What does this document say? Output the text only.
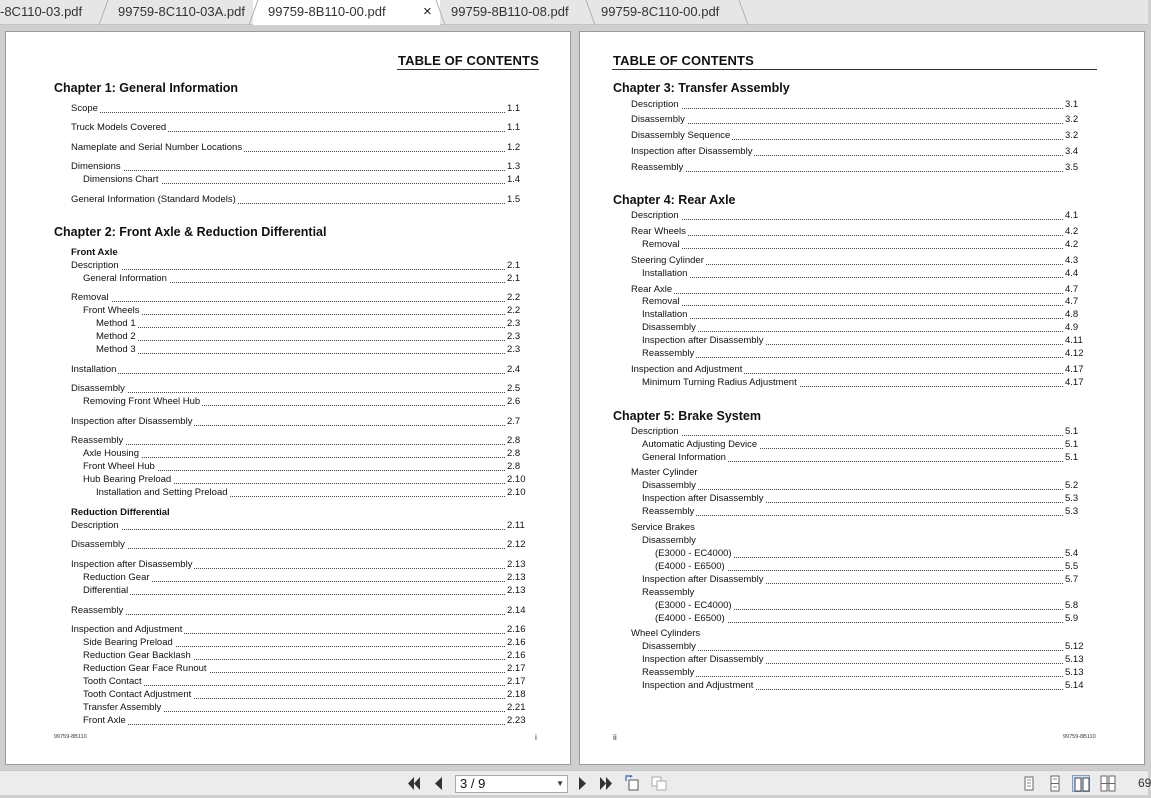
-8C110-03.pdf	99759-8C110-03A.pdf 99759-8B110-00.pdf × 99759-8B110-08.pdf 99759-8C110-00.pdf
TABLE OF CONTENTS
99759-8B110	i
Chapter 1: General Information
Scope	1.1
Truck Models Covered	1.1
Nameplate and Serial Number Locations	1.2
Dimensions	1.3
Dimensions Chart	1.4
General Information (Standard Models)	1.5
Chapter 2: Front Axle & Reduction Differential
Front Axle
Description	2.1
General Information	2.1
Removal	2.2
Front Wheels	2.2
Method 1	2.3
Method 2	2.3
Method 3	2.3
Installation	2.4
Disassembly	2.5
Removing Front Wheel Hub	2.6
Inspection after Disassembly	2.7
Reassembly	2.8
Axle Housing	2.8
Front Wheel Hub	2.8
Hub Bearing Preload	2.10
Installation and Setting Preload	2.10
Reduction Differential
Description	2.11
Disassembly	2.12
Inspection after Disassembly	2.13
Reduction Gear	2.13
Differential	2.13
Reassembly	2.14
Inspection and Adjustment	2.16
Side Bearing Preload	2.16
Reduction Gear Backlash	2.16
Reduction Gear Face Runout	2.17
Tooth Contact	2.17
Tooth Contact Adjustment	2.18
Transfer Assembly	2.21
Front Axle	2.23
TABLE OF CONTENTS
99759-8B110
ii
Chapter 3: Transfer Assembly
Description	3.1
Disassembly	3.2
Disassembly Sequence	3.2
Inspection after Disassembly	3.4
Reassembly	3.5
Chapter 4: Rear Axle
Description	4.1
Rear Wheels	4.2
Removal	4.2
Steering Cylinder	4.3
Installation	4.4
Rear Axle	4.7
Removal	4.7
Installation	4.8
Disassembly	4.9
Inspection after Disassembly	4.11
Reassembly	4.12
Inspection and Adjustment	4.17
Minimum Turning Radius Adjustment	4.17
Chapter 5: Brake System
Description	5.1
Automatic Adjusting Device	5.1
General Information	5.1
Master Cylinder
Disassembly	5.2
Inspection after Disassembly	5.3
Reassembly	5.3
Service Brakes
Disassembly
(E3000 - EC4000)	5.4
(E4000 - E6500)	5.5
Inspection after Disassembly	5.7
Reassembly
(E3000 - EC4000)	5.8
(E4000 - E6500)	5.9
Wheel Cylinders
Disassembly	5.12
Inspection after Disassembly	5.13
Reassembly	5.13
Inspection and Adjustment	5.14
3 / 9	▼	69
